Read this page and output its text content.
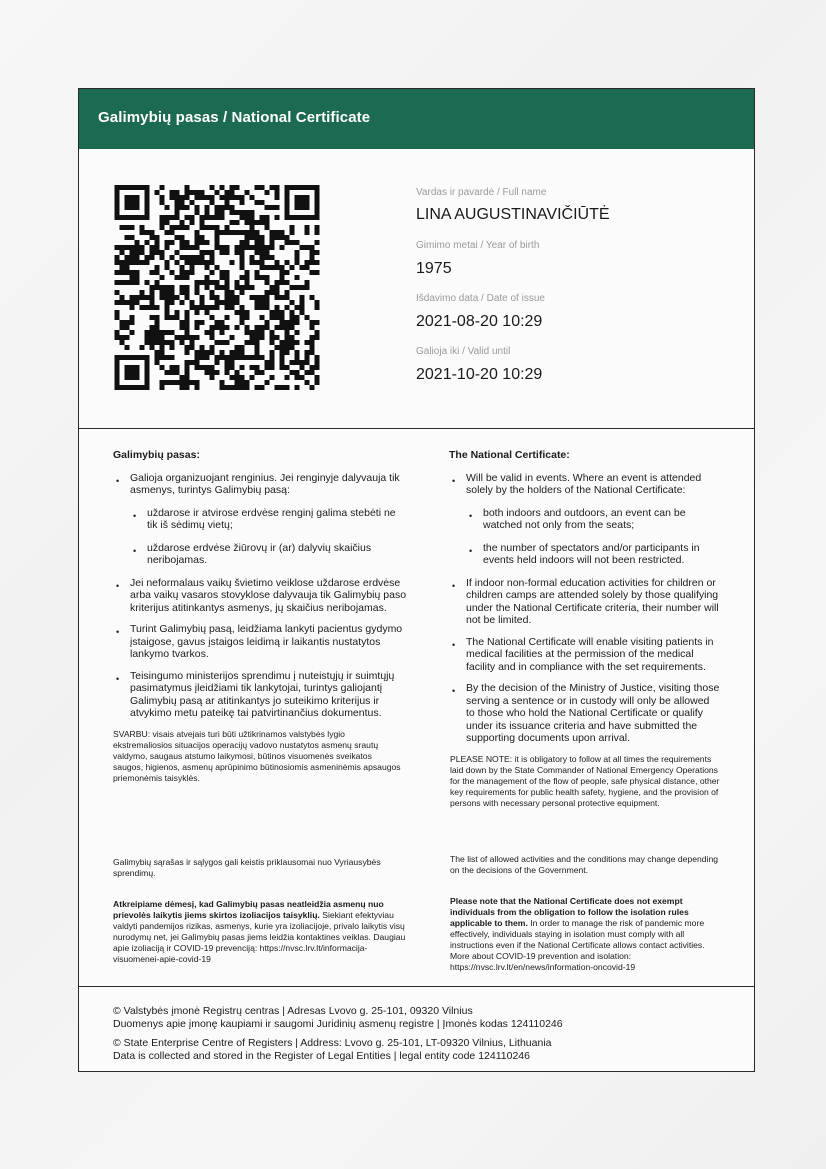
Galimybių pasas / National Certificate
Vardas ir pavardė / Full name
LINA AUGUSTINAVIČIŪTĖ
Gimimo metai / Year of birth
1975
Išdavimo data / Date of issue
2021-08-20 10:29
Galioja iki / Valid until
2021-10-20 10:29
Galimybių pasas:
• Galioja organizuojant renginius. Jei renginyje dalyvauja tik asmenys, turintys Galimybių pasą:
• uždarose ir atvirose erdvėse renginį galima stebėti ne tik iš sėdimų vietų;
• uždarose erdvėse žiūrovų ir (ar) dalyvių skaičius neribojamas.
• Jei neformalaus vaikų švietimo veiklose uždarose erdvėse arba vaikų vasaros stovyklose dalyvauja tik Galimybių paso kriterijus atitinkantys asmenys, jų skaičius neribojamas.
• Turint Galimybių pasą, leidžiama lankyti pacientus gydymo įstaigose, gavus įstaigos leidimą ir laikantis nustatytos lankymo tvarkos.
• Teisingumo ministerijos sprendimu į nuteistųjų ir suimtųjų pasimatymus įleidžiami tik lankytojai, turintys galiojantį Galimybių pasą ar atitinkantys jo suteikimo kriterijus ir atvykimo metu pateikę tai patvirtinančius dokumentus.
SVARBU: visais atvejais turi būti užtikrinamos valstybės lygio ekstremaliosios situacijos operacijų vadovo nustatytos asmenų srautų valdymo, saugaus atstumo laikymosi, būtinos visuomenės sveikatos saugos, higienos, asmenų aprūpinimo būtinosiomis asmeninėmis apsaugos priemonėmis taisyklės.
Galimybių sąrašas ir sąlygos gali keistis priklausomai nuo Vyriausybės sprendimų.
Atkreipiame dėmesį, kad Galimybių pasas neatleidžia asmenų nuo prievolės laikytis jiems skirtos izoliacijos taisyklių. Siekiant efektyviau valdyti pandemijos rizikas, asmenys, kurie yra izoliacijoje, privalo laikytis visų nurodymų net, jei Galimybių pasas jiems leidžia kontaktines veiklas. Daugiau apie izoliaciją ir COVID-19 prevenciją: https://nvsc.lrv.lt/informacija-visuomenei-apie-covid-19
The National Certificate:
• Will be valid in events. Where an event is attended solely by the holders of the National Certificate:
• both indoors and outdoors, an event can be watched not only from the seats;
• the number of spectators and/or participants in events held indoors will not been restricted.
• If indoor non-formal education activities for children or children camps are attended solely by those qualifying under the National Certificate criteria, their number will not be limited.
• The National Certificate will enable visiting patients in medical facilities at the permission of the medical facility and in compliance with the set requirements.
• By the decision of the Ministry of Justice, visiting those serving a sentence or in custody will only be allowed to those who hold the National Certificate or qualify under its issuance criteria and have submitted the supporting documents upon arrival.
PLEASE NOTE: it is obligatory to follow at all times the requirements laid down by the State Commander of National Emergency Operations for the management of the flow of people, safe physical distance, other key requirements for public health safety, hygiene, and the provision of persons with necessary personal protective equipment.
The list of allowed activities and the conditions may change depending on the decisions of the Government.
Please note that the National Certificate does not exempt individuals from the obligation to follow the isolation rules applicable to them. In order to manage the risk of pandemic more effectively, individuals staying in isolation must comply with all instructions even if the National Certificate allows contact activities. More about COVID-19 prevention and isolation: https://nvsc.lrv.lt/en/news/information-oncovid-19
© Valstybės įmonė Registrų centras | Adresas Lvovo g. 25-101, 09320 Vilnius
Duomenys apie įmonę kaupiami ir saugomi Juridinių asmenų registre | Įmonės kodas 124110246
© State Enterprise Centre of Registers | Address: Lvovo g. 25-101, LT-09320 Vilnius, Lithuania
Data is collected and stored in the Register of Legal Entities | legal entity code 124110246
